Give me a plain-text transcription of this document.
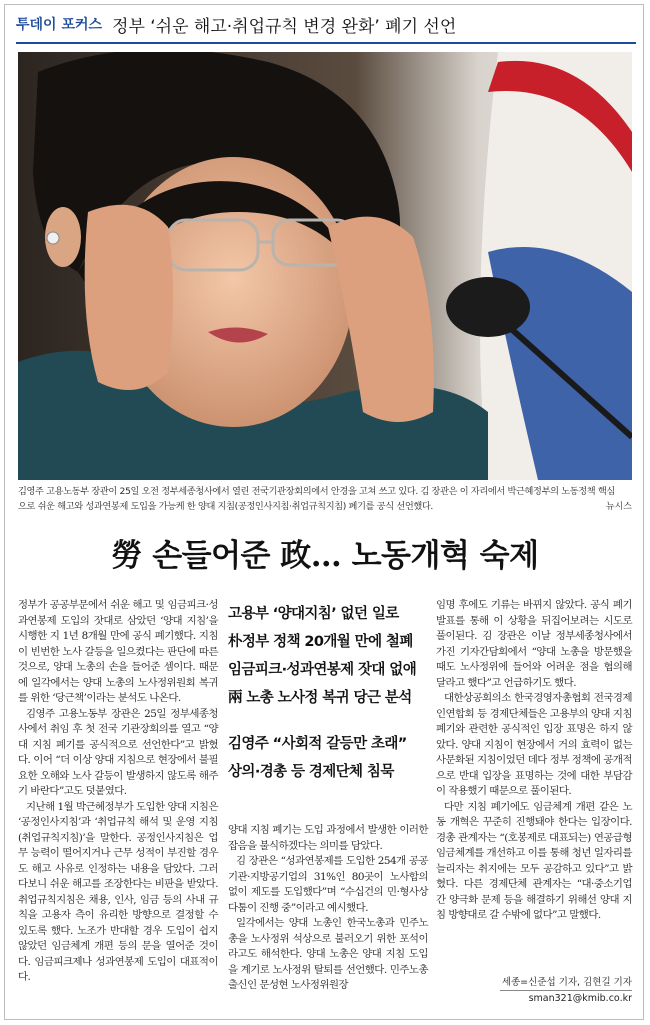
투데이 포커스 정부 ‘쉬운 해고·취업규칙 변경 완화’ 폐기 선언
김영주 고용노동부 장관이 25일 오전 정부세종청사에서 열린 전국기관장회의에서 안경을 고쳐 쓰고 있다. 김 장관은 이 자리에서 박근혜정부의 노동정책 핵심
으로 쉬운 해고와 성과연봉제 도입을 가능케 한 양대 지침(공정인사지침·취업규칙지침) 폐기를 공식 선언했다.	뉴시스
勞 손들어준 政… 노동개혁 숙제

정부가 공공부문에서 쉬운 해고 및 임금피크·성과연봉제 도입의 잣대로 삼았던 ‘양대 지침’을 시행한 지 1년 8개월 만에 공식 폐기했다. 지침이 빈번한 노사 갈등을 일으켰다는 판단에 따른 것으로, 양대 노총의 손을 들어준 셈이다. 때문에 일각에서는 양대 노총의 노사정위원회 복귀를 위한 ‘당근책’이라는 분석도 나온다.

김영주 고용노동부 장관은 25일 정부세종청사에서 취임 후 첫 전국 기관장회의를 열고 “양대 지침 폐기를 공식적으로 선언한다”고 밝혔다. 이어 “더 이상 양대 지침으로 현장에서 불필요한 오해와 노사 갈등이 발생하지 않도록 해주기 바란다”고도 덧붙였다.

지난해 1월 박근혜정부가 도입한 양대 지침은 ‘공정인사지침’과 ‘취업규칙 해석 및 운영 지침(취업규칙지침)’을 말한다. 공정인사지침은 업무 능력이 떨어지거나 근무 성적이 부진할 경우도 해고 사유로 인정하는 내용을 담았다. 그러다보니 쉬운 해고를 조장한다는 비판을 받았다. 취업규칙지침은 채용, 인사, 임금 등의 사내 규칙을 고용자 측이 유리한 방향으로 결정할 수 있도록 했다. 노조가 반대할 경우 도입이 쉽지 않았던 임금체계 개편 등의 문을 열어준 것이다. 임금피크제나 성과연봉제 도입이 대표적이다.

고용부 ‘양대지침’ 없던 일로
朴정부 정책 20개월 만에 철폐
임금피크·성과연봉제 잣대 없애
兩 노총 노사정 복귀 당근 분석
김영주 “사회적 갈등만 초래”
상의·경총 등 경제단체 침묵

양대 지침 폐기는 도입 과정에서 발생한 이러한 잡음을 불식하겠다는 의미를 담았다.

김 장관은 “성과연봉제를 도입한 254개 공공기관·지방공기업의 31%인 80곳이 노사합의 없이 제도를 도입했다”며 “수십건의 민·형사상 다툼이 진행 중”이라고 예시했다.

일각에서는 양대 노총인 한국노총과 민주노총을 노사정위 석상으로 불러오기 위한 포석이라고도 해석한다. 양대 노총은 양대 지침 도입을 계기로 노사정위 탈퇴를 선언했다. 민주노총 출신인 문성현 노사정위원장

임명 후에도 기류는 바뀌지 않았다. 공식 폐기 발표를 통해 이 상황을 뒤집어보려는 시도로 풀이된다. 김 장관은 이날 정부세종청사에서 가진 기자간담회에서 “양대 노총을 방문했을 때도 노사정위에 들어와 어려운 점을 협의해 달라고 했다”고 언급하기도 했다.

대한상공회의소 한국경영자총협회 전국경제인연합회 등 경제단체들은 고용부의 양대 지침 폐기와 관련한 공식적인 입장 표명은 하지 않았다. 양대 지침이 현장에서 거의 효력이 없는 사문화된 지침이었던 데다 정부 정책에 공개적으로 반대 입장을 표명하는 것에 대한 부담감이 작용했기 때문으로 풀이된다.

다만 지침 폐기에도 임금체계 개편 같은 노동 개혁은 꾸준히 진행돼야 한다는 입장이다. 경총 관계자는 “(호봉제로 대표되는) 연공급형 임금체계를 개선하고 이를 통해 청년 일자리를 늘리자는 취지에는 모두 공감하고 있다”고 밝혔다. 다른 경제단체 관계자는 “대·중소기업 간 양극화 문제 등을 해결하기 위해선 양대 지침 방향대로 갈 수밖에 없다”고 말했다.

세종=신준섭 기자, 김현길 기자
sman321@kmib.co.kr
